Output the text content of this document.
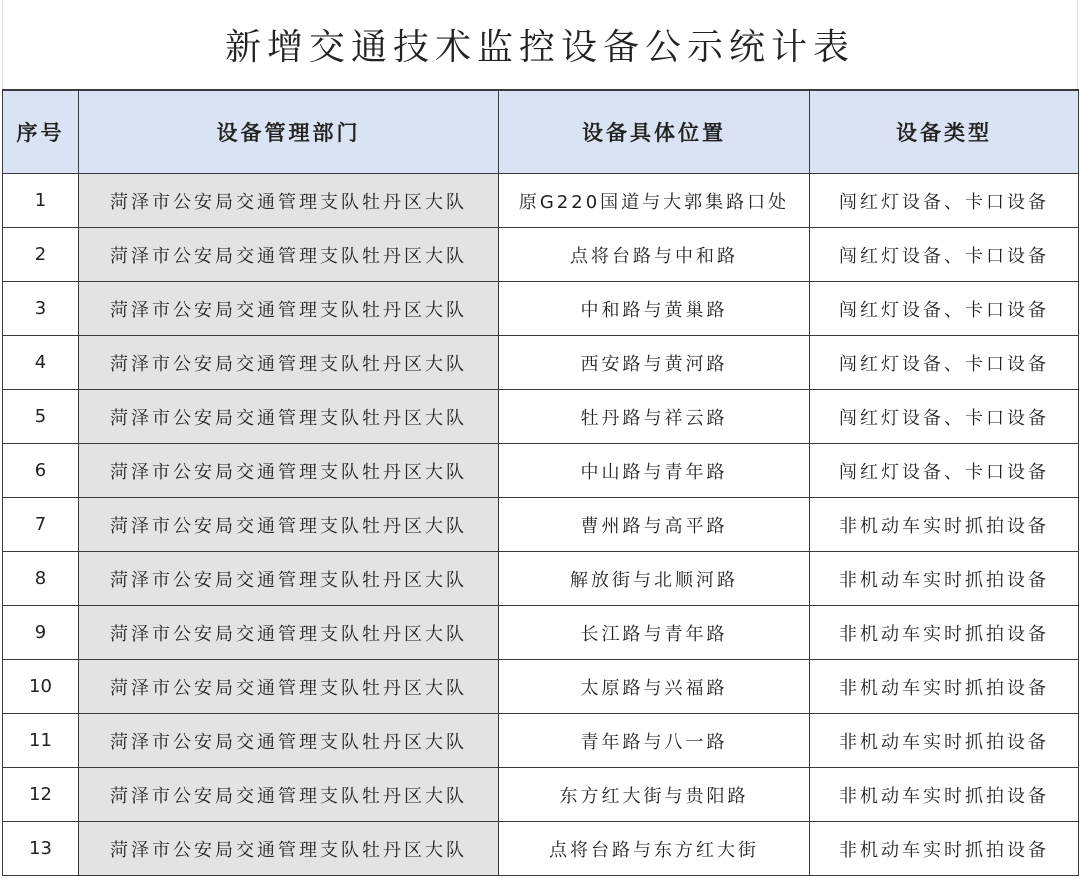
新增交通技术监控设备公示统计表
序号	设备管理部门	设备具体位置	设备类型
1	菏泽市公安局交通管理支队牡丹区大队	原G220国道与大郭集路口处	闯红灯设备、卡口设备
2	菏泽市公安局交通管理支队牡丹区大队	点将台路与中和路	闯红灯设备、卡口设备
3	菏泽市公安局交通管理支队牡丹区大队	中和路与黄巢路	闯红灯设备、卡口设备
4	菏泽市公安局交通管理支队牡丹区大队	西安路与黄河路	闯红灯设备、卡口设备
5	菏泽市公安局交通管理支队牡丹区大队	牡丹路与祥云路	闯红灯设备、卡口设备
6	菏泽市公安局交通管理支队牡丹区大队	中山路与青年路	闯红灯设备、卡口设备
7	菏泽市公安局交通管理支队牡丹区大队	曹州路与高平路	非机动车实时抓拍设备
8	菏泽市公安局交通管理支队牡丹区大队	解放街与北顺河路	非机动车实时抓拍设备
9	菏泽市公安局交通管理支队牡丹区大队	长江路与青年路	非机动车实时抓拍设备
10	菏泽市公安局交通管理支队牡丹区大队	太原路与兴福路	非机动车实时抓拍设备
11	菏泽市公安局交通管理支队牡丹区大队	青年路与八一路	非机动车实时抓拍设备
12	菏泽市公安局交通管理支队牡丹区大队	东方红大街与贵阳路	非机动车实时抓拍设备
13	菏泽市公安局交通管理支队牡丹区大队	点将台路与东方红大街	非机动车实时抓拍设备
